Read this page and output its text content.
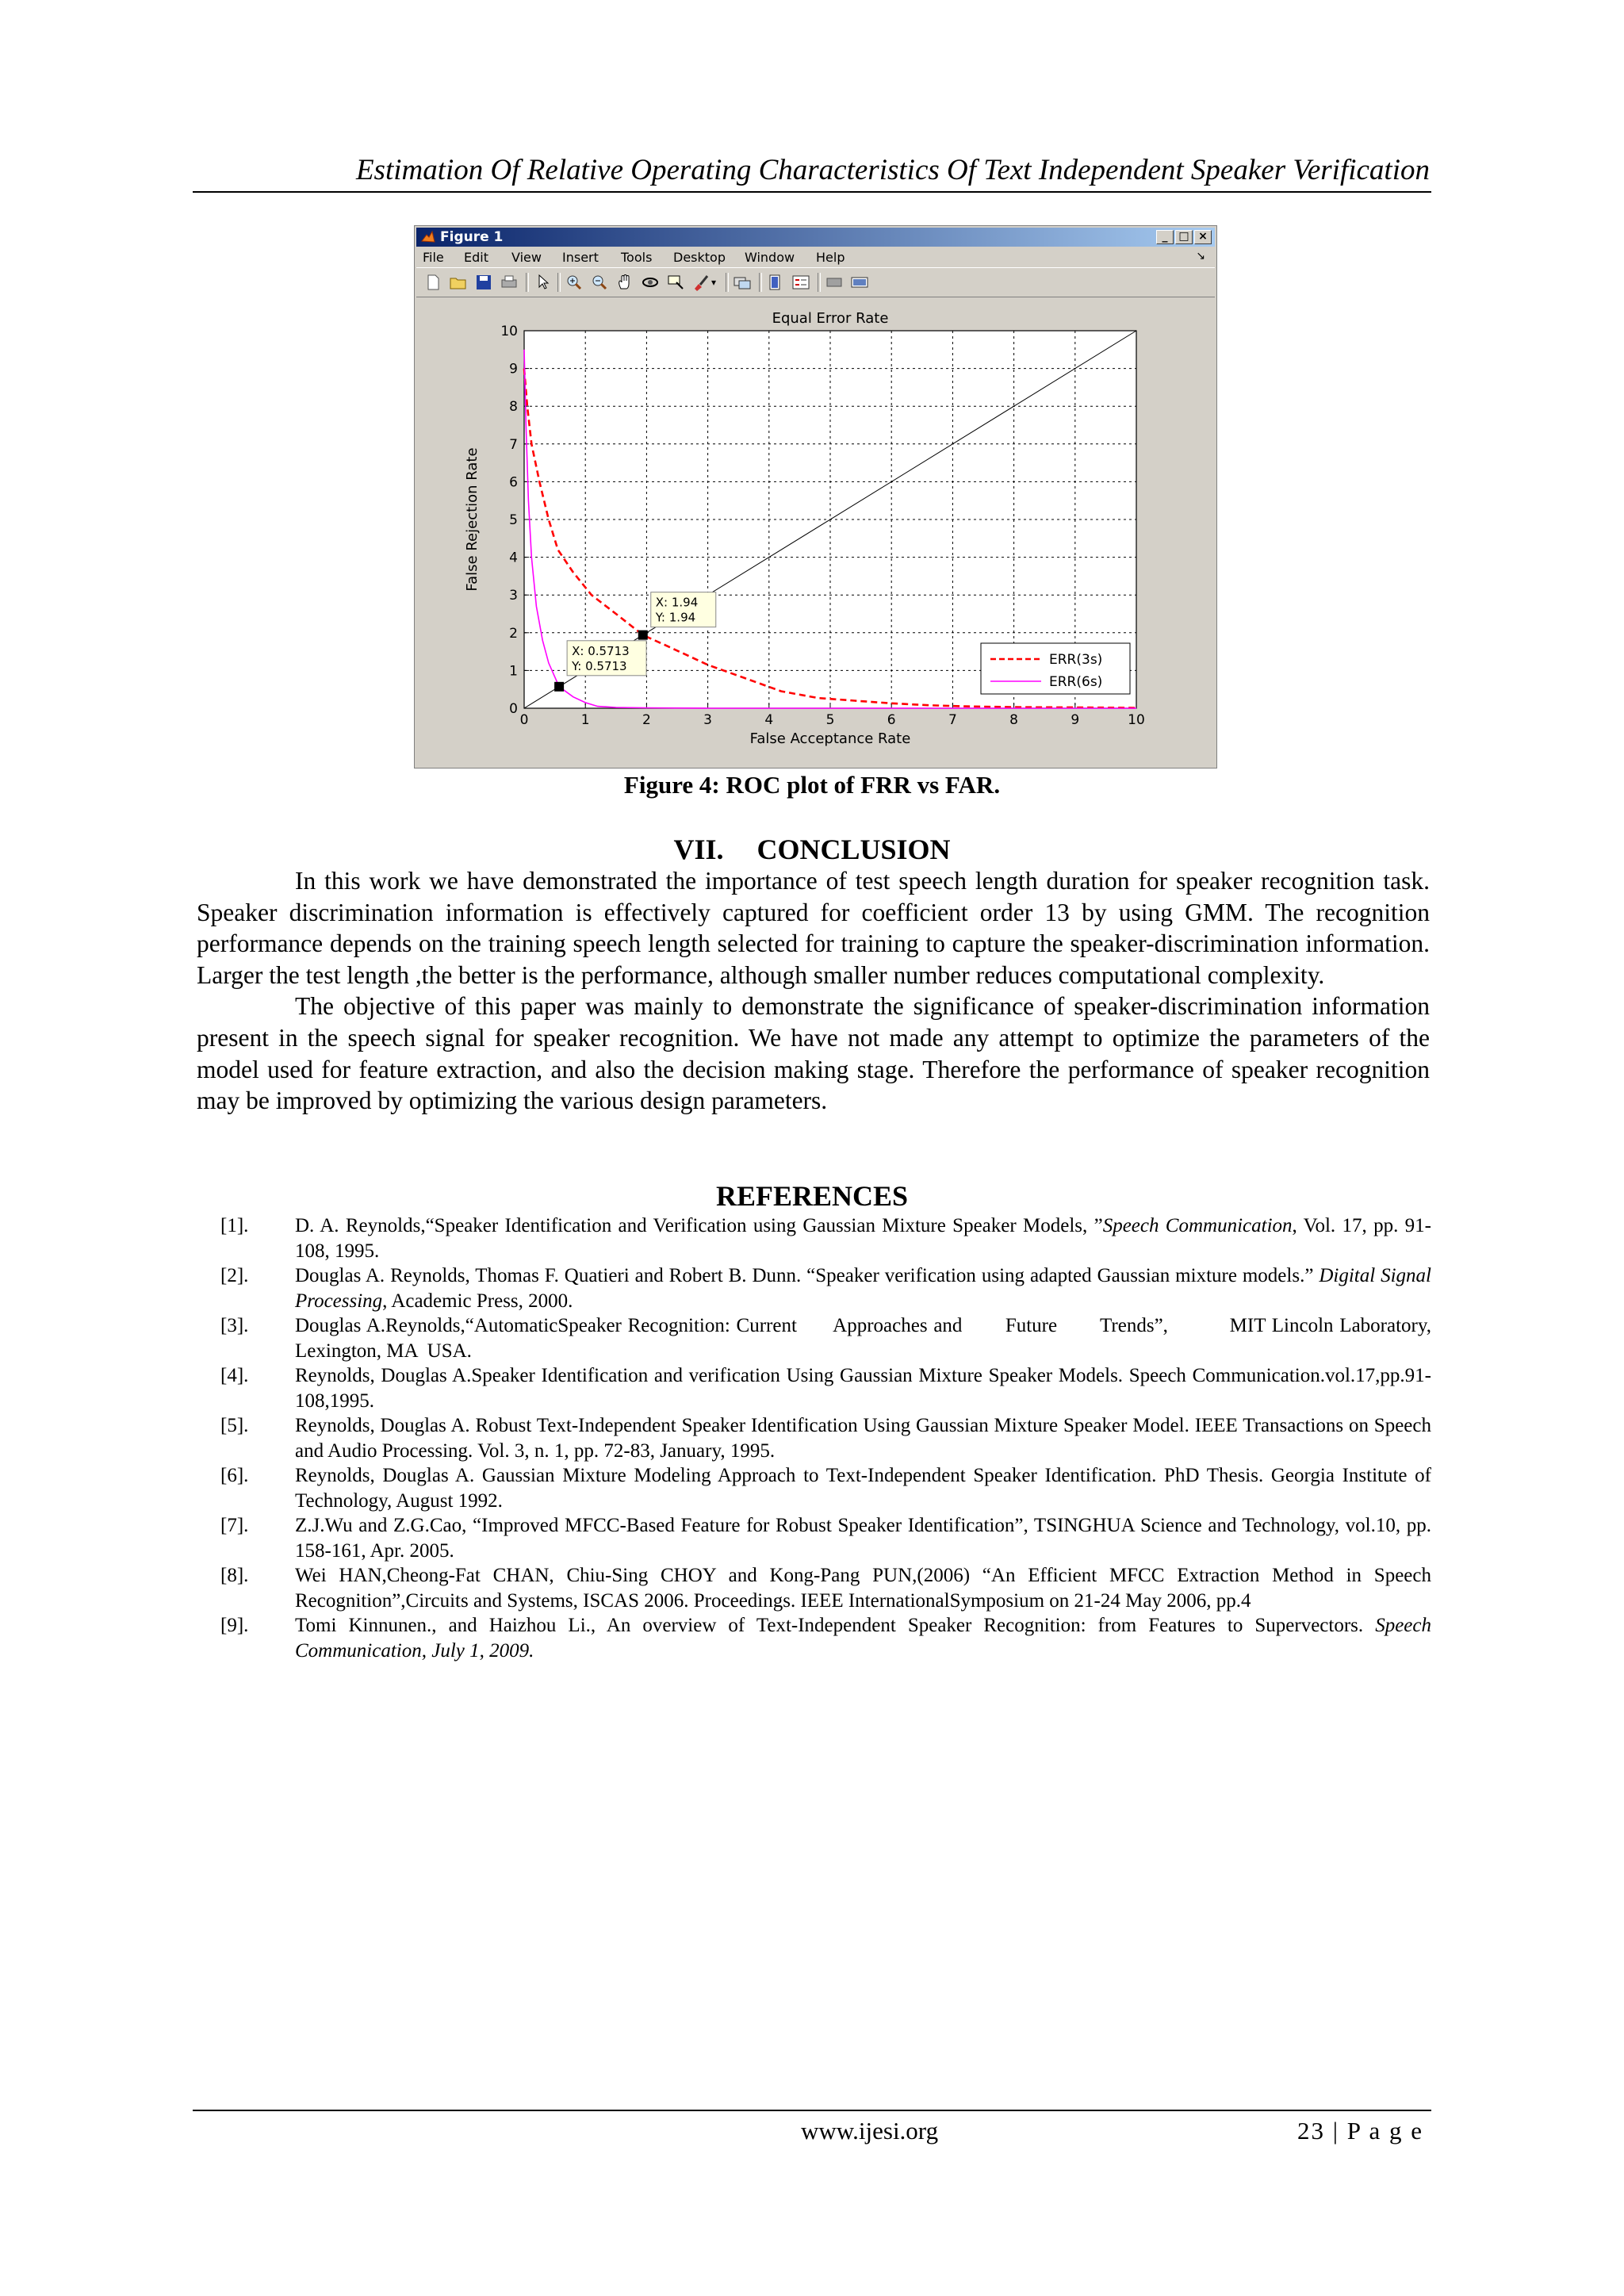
Estimation Of Relative Operating Characteristics Of Text Independent Speaker Verification
Figure 1	_ □ ×
File Edit View Insert Tools Desktop Window Help	↘
▾
0	1	2	3	4	5	6	7	8	9	10
0
1
2
3
4
5
6
7
8
9
10
Equal Error Rate
False Acceptance Rate
False Rejection Rate
X: 1.94
Y: 1.94
X: 0.5713
Y: 0.5713	ERR(3s)
ERR(6s)
Figure 4: ROC plot of FRR vs FAR.
VII. CONCLUSION

In this work we have demonstrated the importance of test speech length duration for speaker recognition task. Speaker discrimination information is effectively captured for coefficient order 13 by using GMM. The recognition performance depends on the training speech length selected for training to capture the speaker-discrimination information. Larger the test length ,the better is the performance, although smaller number reduces computational complexity.

The objective of this paper was mainly to demonstrate the significance of speaker-discrimination information present in the speech signal for speaker recognition. We have not made any attempt to optimize the parameters of the model used for feature extraction, and also the decision making stage. Therefore the performance of speaker recognition may be improved by optimizing the various design parameters.

REFERENCES
[1]. D. A. Reynolds,“Speaker Identification and Verification using Gaussian Mixture Speaker Models, ”Speech Communication, Vol. 17, pp. 91- 108, 1995.
[2]. Douglas A. Reynolds, Thomas F. Quatieri and Robert B. Dunn. “Speaker verification using adapted Gaussian mixture models.” Digital Signal Processing, Academic Press, 2000.
[3]. Douglas A.Reynolds,“AutomaticSpeaker Recognition: Current      Approaches and       Future       Trends”,          MIT Lincoln Laboratory, Lexington, MA  USA.
[4]. Reynolds, Douglas A.Speaker Identification and verification Using Gaussian Mixture Speaker Models. Speech Communication.vol.17,pp.91-108,1995.
[5]. Reynolds, Douglas A. Robust Text-Independent Speaker Identification Using Gaussian Mixture Speaker Model. IEEE Transactions on Speech and Audio Processing. Vol. 3, n. 1, pp. 72-83, January, 1995.
[6]. Reynolds, Douglas A. Gaussian Mixture Modeling Approach to Text-Independent Speaker Identification. PhD Thesis. Georgia Institute of Technology, August 1992.
[7]. Z.J.Wu and Z.G.Cao, “Improved MFCC-Based Feature for Robust Speaker Identification”, TSINGHUA Science and Technology, vol.10, pp. 158-161, Apr. 2005.
[8]. Wei HAN,Cheong-Fat CHAN, Chiu-Sing CHOY and Kong-Pang PUN,(2006) “An Efficient MFCC Extraction Method in Speech Recognition”,Circuits and Systems, ISCAS 2006. Proceedings. IEEE InternationalSymposium on 21-24 May 2006, pp.4
[9]. Tomi Kinnunen., and Haizhou Li., An overview of Text-Independent Speaker Recognition: from Features to Supervectors. Speech Communication, July 1, 2009.
www.ijesi.org	23 | P a g e
